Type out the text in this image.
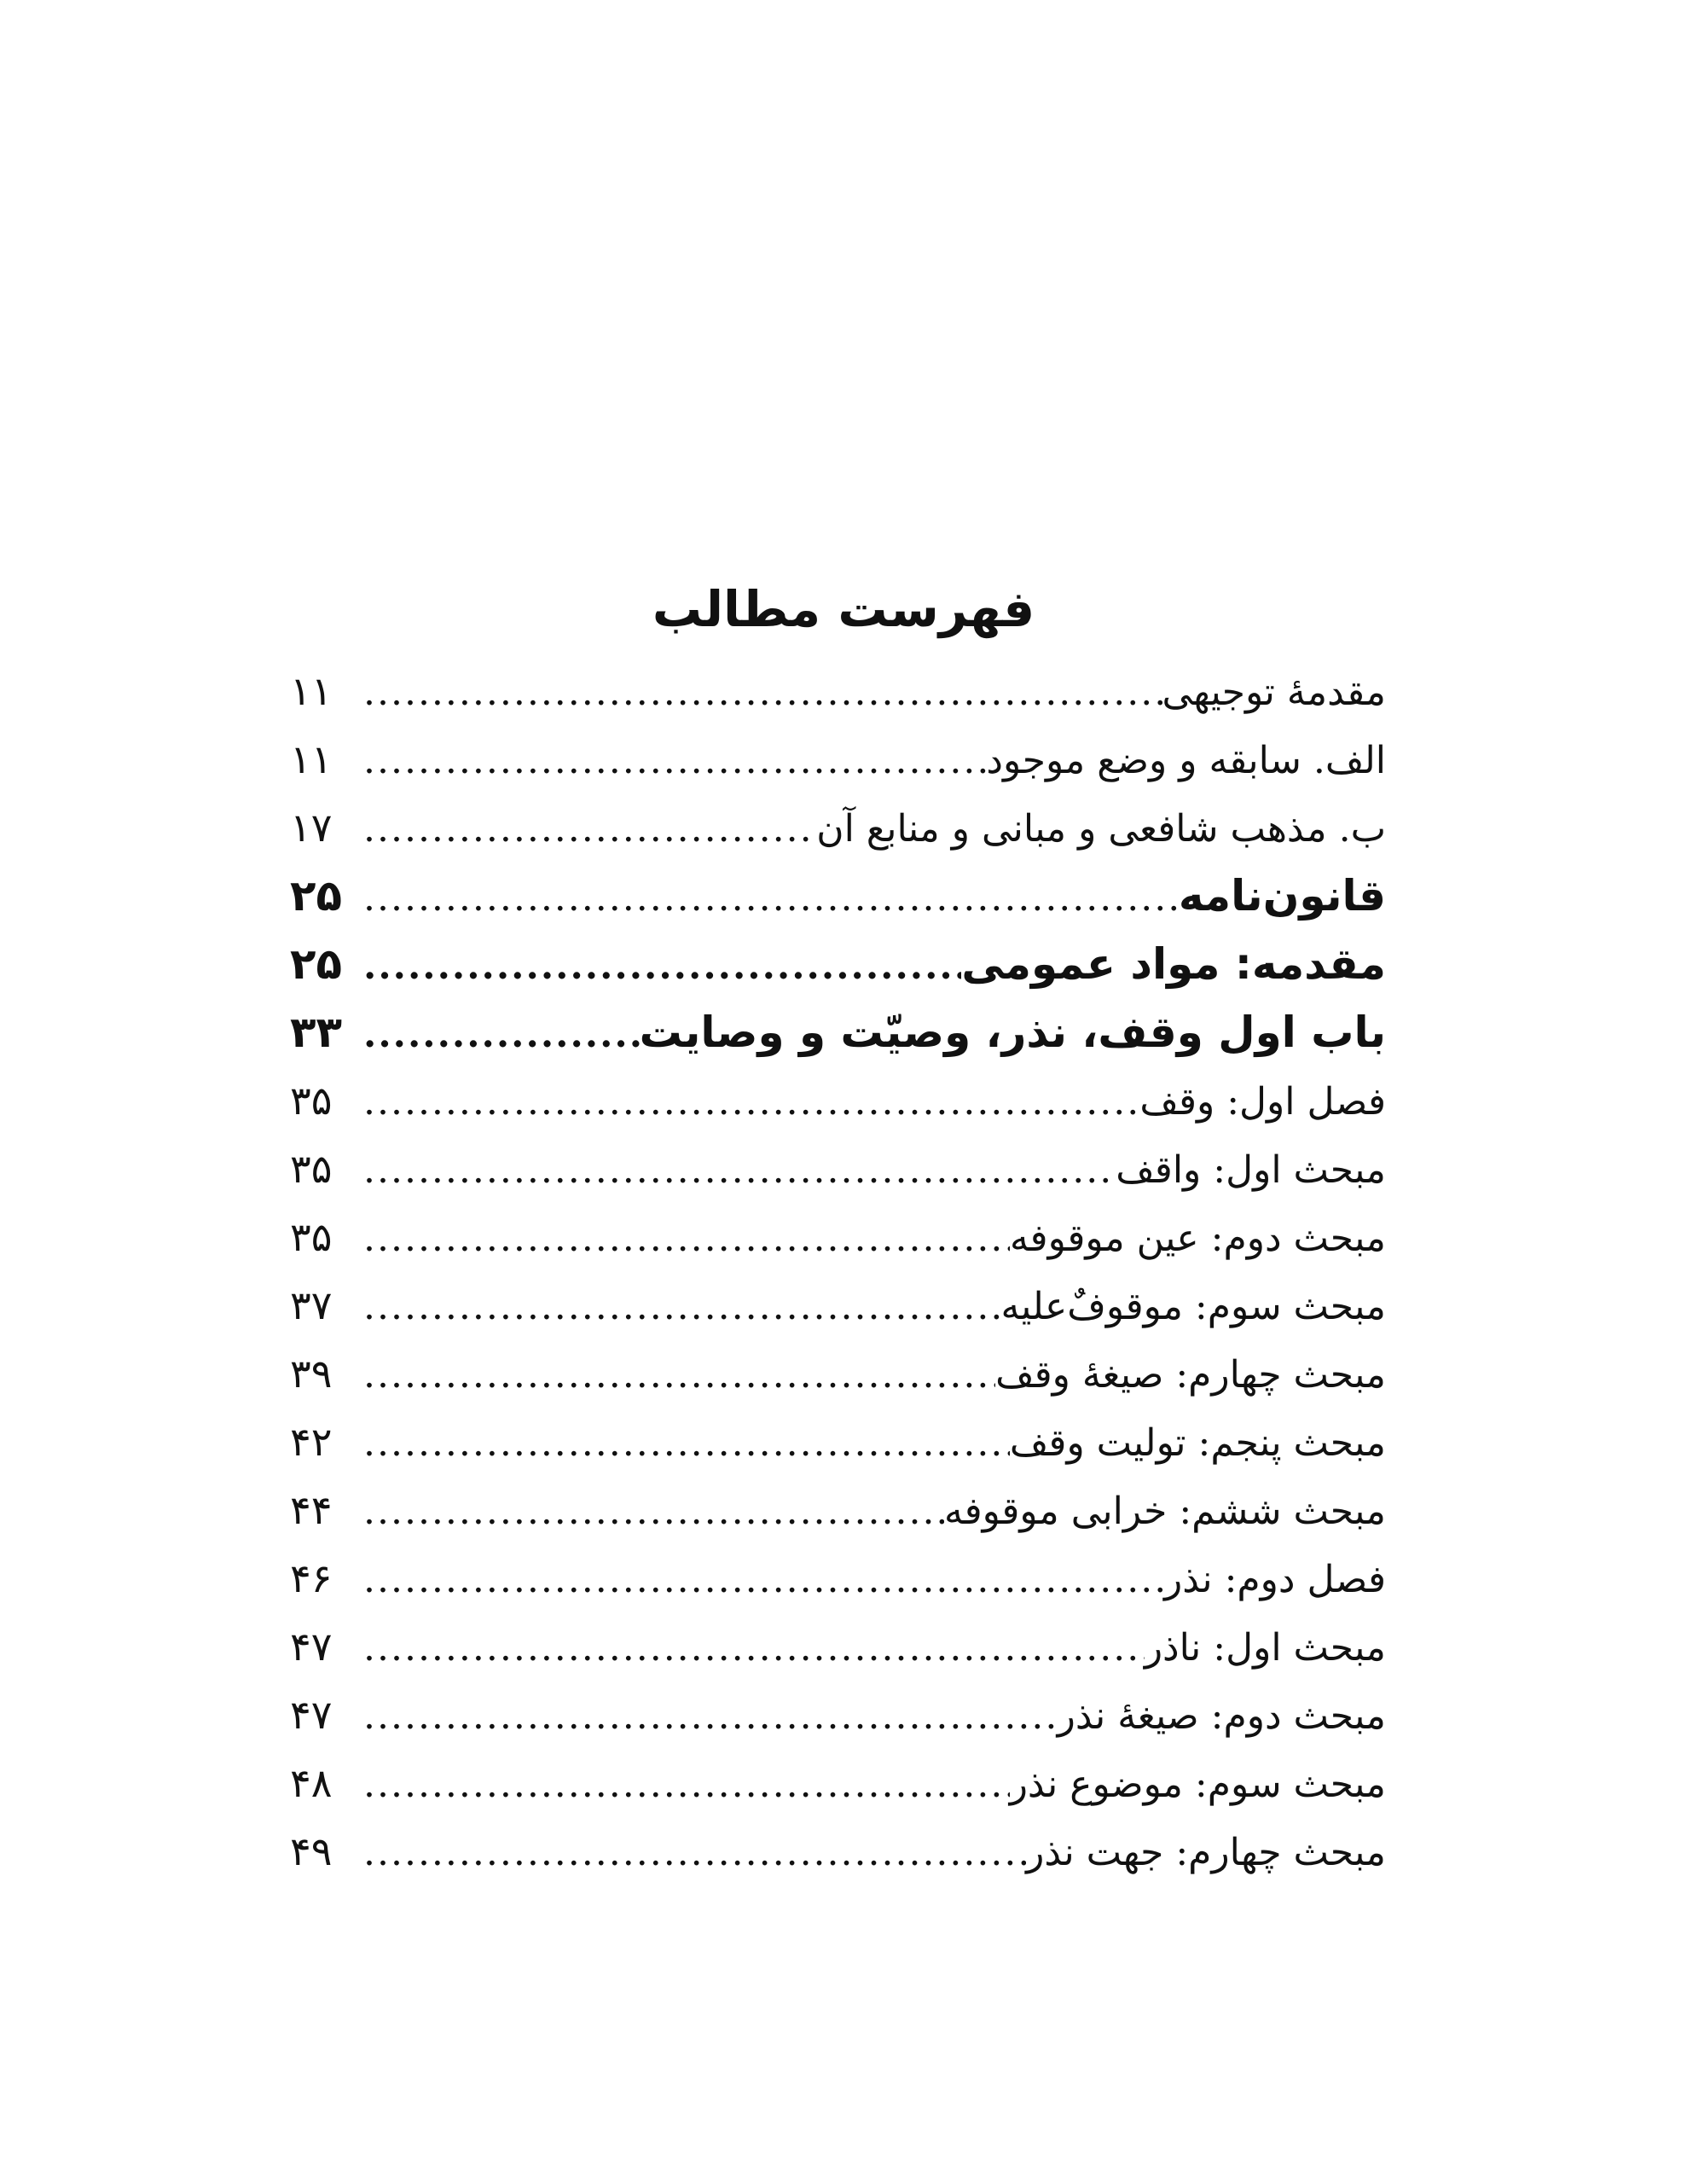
فهرست مطالب
مقدمهٔ توجیهی
.....
۱۱
الف. سابقه و وضع موجود
.....
۱۱
ب. مذهب شافعی و مبانی و منابع آن
.....
۱۷
قانون‌نامه
.....
۲۵
مقدمه: مواد عمومی
.....
۲۵
باب اول وقف، نذر، وصیّت و وصایت
.....
۳۳
فصل اول: وقف
.....
۳۵
مبحث اول: واقف
.....
۳۵
مبحث دوم: عین موقوفه
.....
۳۵
مبحث سوم: موقوفٌ‌علیه
.....
۳۷
مبحث چهارم: صیغهٔ وقف
.....
۳۹
مبحث پنجم: تولیت وقف
.....
۴۲
مبحث ششم: خرابی موقوفه
.....
۴۴
فصل دوم: نذر
.....
۴۶
مبحث اول: ناذر
.....
۴۷
مبحث دوم: صیغهٔ نذر
.....
۴۷
مبحث سوم: موضوع نذر
.....
۴۸
مبحث چهارم: جهت نذر
.....
۴۹
